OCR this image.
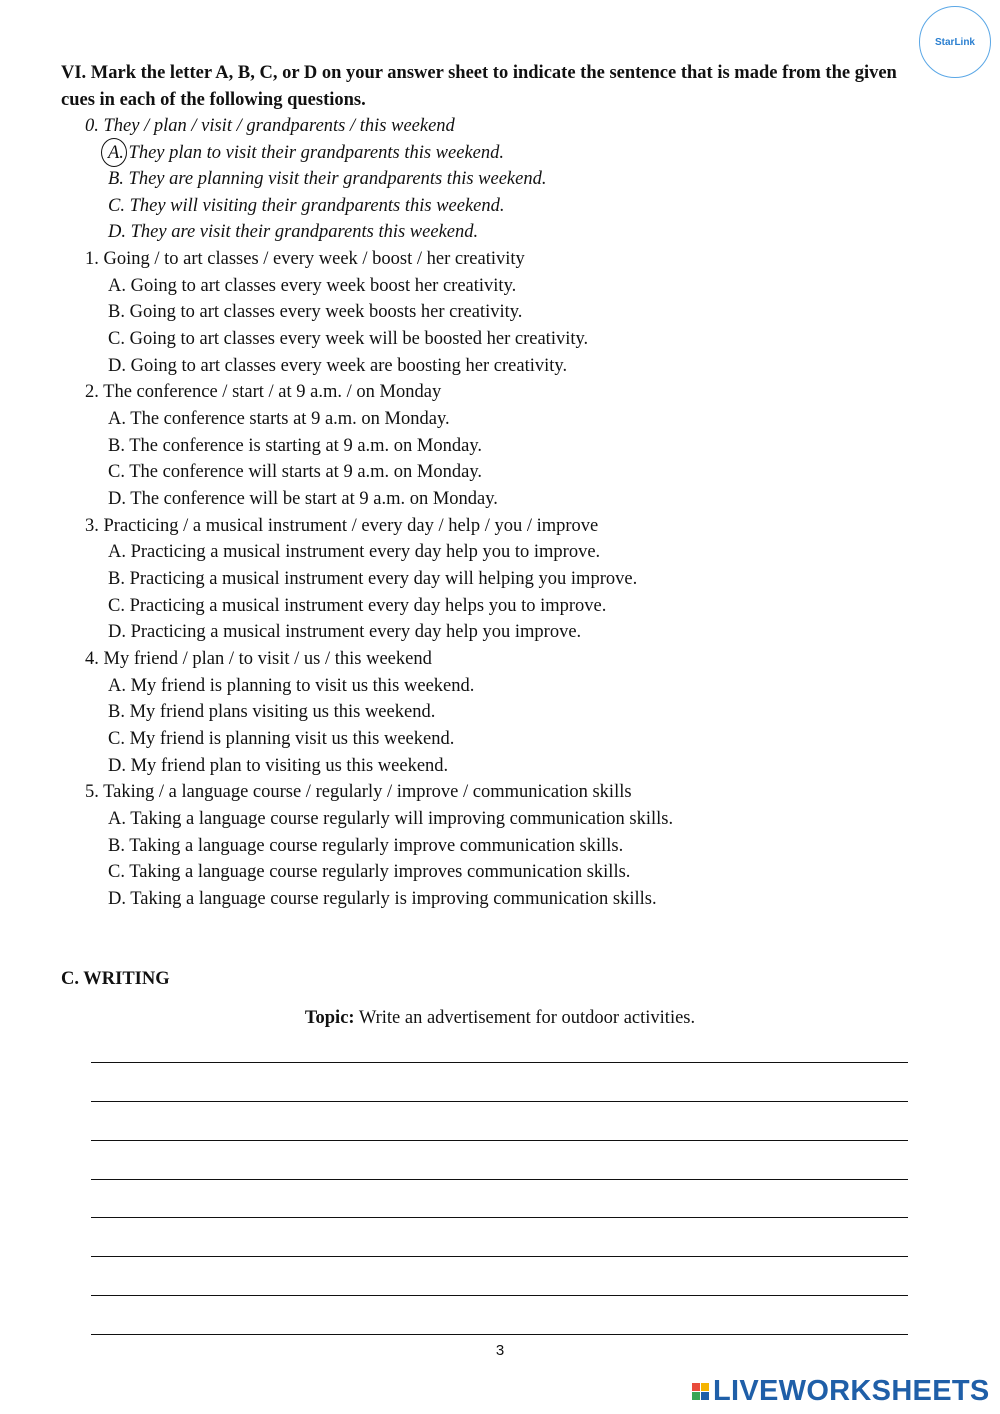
StarLink
VI. Mark the letter A, B, C, or D on your answer sheet to indicate the sentence that is made from the given cues in each of the following questions.
0. They / plan / visit / grandparents / this weekend
A. They plan to visit their grandparents this weekend.
B. They are planning visit their grandparents this weekend.
C. They will visiting their grandparents this weekend.
D. They are visit their grandparents this weekend.
1. Going / to art classes / every week / boost / her creativity
A. Going to art classes every week boost her creativity.
B. Going to art classes every week boosts her creativity.
C. Going to art classes every week will be boosted her creativity.
D. Going to art classes every week are boosting her creativity.
2. The conference / start / at 9 a.m. / on Monday
A. The conference starts at 9 a.m. on Monday.
B. The conference is starting at 9 a.m. on Monday.
C. The conference will starts at 9 a.m. on Monday.
D. The conference will be start at 9 a.m. on Monday.
3. Practicing / a musical instrument / every day / help / you / improve
A. Practicing a musical instrument every day help you to improve.
B. Practicing a musical instrument every day will helping you improve.
C. Practicing a musical instrument every day helps you to improve.
D. Practicing a musical instrument every day help you improve.
4. My friend / plan / to visit / us / this weekend
A. My friend is planning to visit us this weekend.
B. My friend plans visiting us this weekend.
C. My friend is planning visit us this weekend.
D. My friend plan to visiting us this weekend.
5. Taking / a language course / regularly / improve / communication skills
A. Taking a language course regularly will improving communication skills.
B. Taking a language course regularly improve communication skills.
C. Taking a language course regularly improves communication skills.
D. Taking a language course regularly is improving communication skills.
C. WRITING
Topic: Write an advertisement for outdoor activities.
3
LIVEWORKSHEETS
